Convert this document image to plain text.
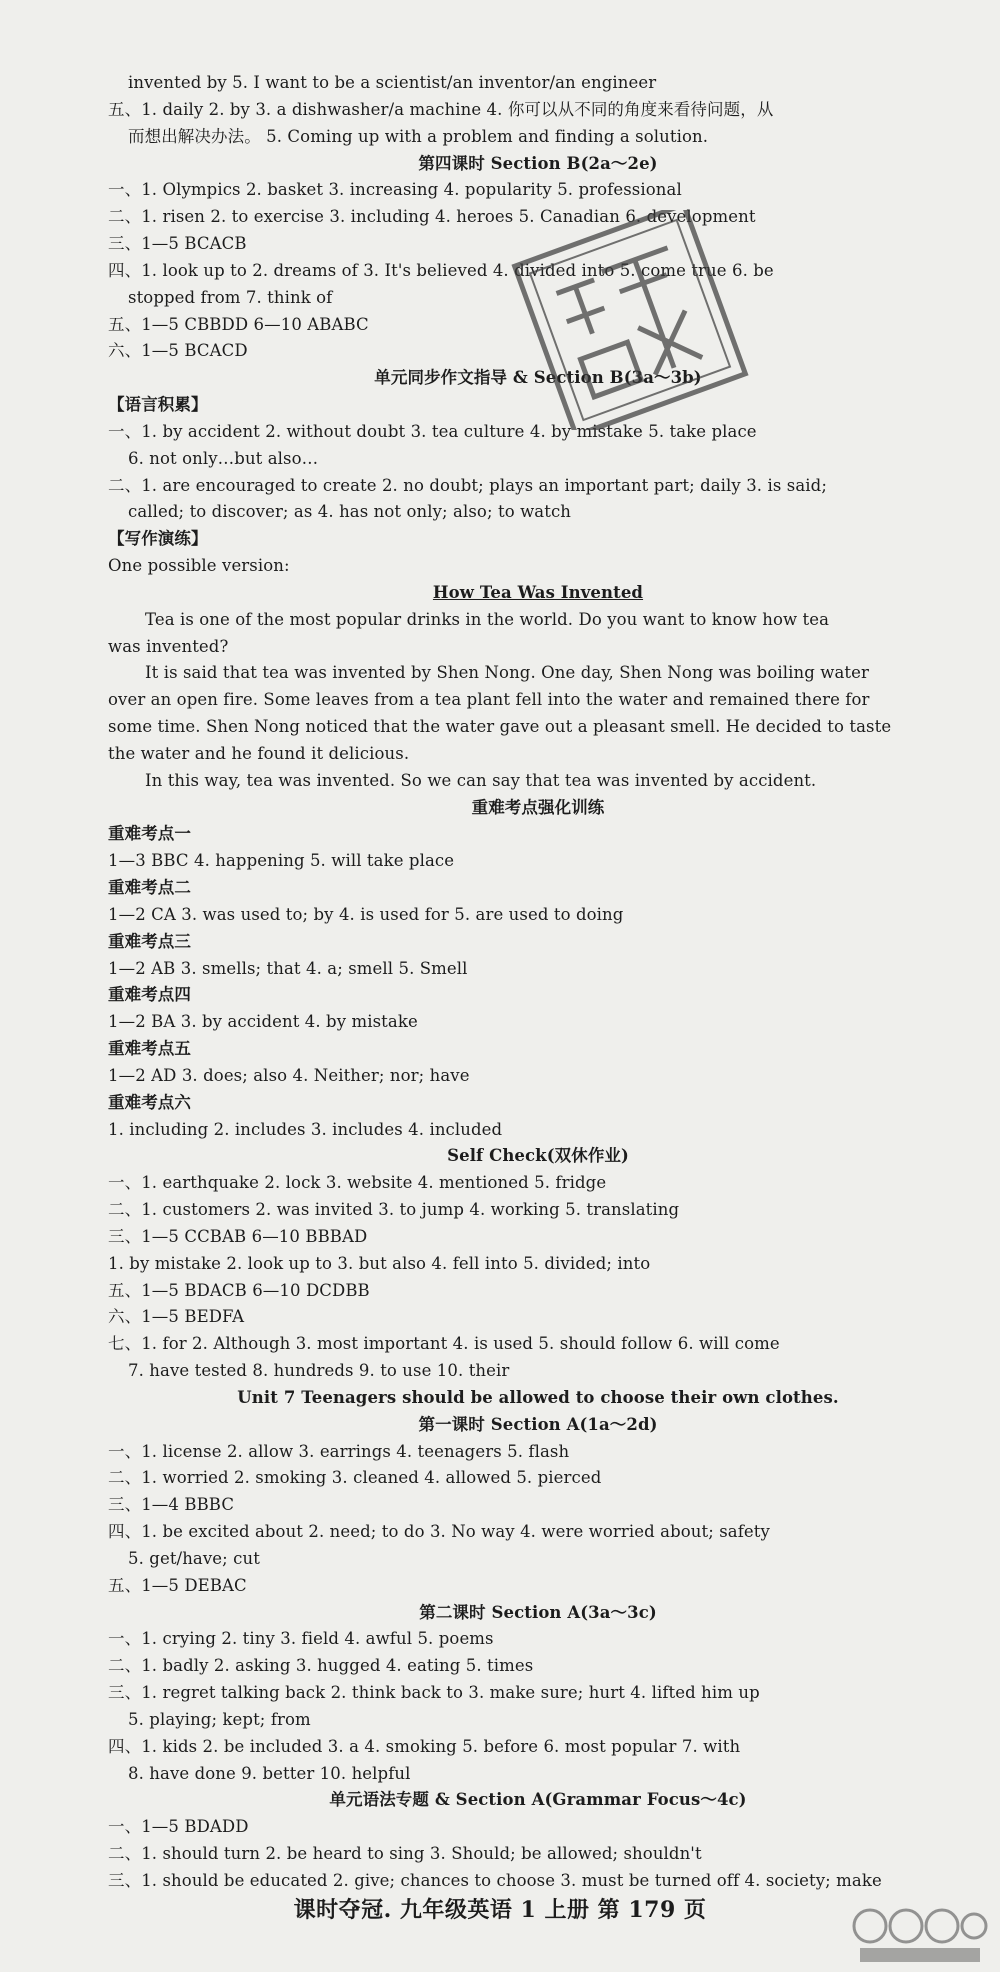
invented by 5. I want to be a scientist/an inventor/an engineer
五、1. daily 2. by 3. a dishwasher/a machine 4. 你可以从不同的角度来看待问题，从
而想出解决办法。 5. Coming up with a problem and finding a solution.
第四课时 Section B(2a～2e)
一、1. Olympics 2. basket 3. increasing 4. popularity 5. professional
二、1. risen 2. to exercise 3. including 4. heroes 5. Canadian 6. development
三、1—5 BCACB
四、1. look up to 2. dreams of 3. It's believed 4. divided into 5. come true 6. be
stopped from 7. think of
五、1—5 CBBDD 6—10 ABABC
六、1—5 BCACD
单元同步作文指导 & Section B(3a～3b)
【语言积累】
一、1. by accident 2. without doubt 3. tea culture 4. by mistake 5. take place
6. not only…but also…
二、1. are encouraged to create 2. no doubt; plays an important part; daily 3. is said;
called; to discover; as 4. has not only; also; to watch
【写作演练】
One possible version:
How Tea Was Invented
Tea is one of the most popular drinks in the world. Do you want to know how tea
was invented?
It is said that tea was invented by Shen Nong. One day, Shen Nong was boiling water
over an open fire. Some leaves from a tea plant fell into the water and remained there for
some time. Shen Nong noticed that the water gave out a pleasant smell. He decided to taste
the water and he found it delicious.
In this way, tea was invented. So we can say that tea was invented by accident.
重难考点强化训练
重难考点一
1—3 BBC 4. happening 5. will take place
重难考点二
1—2 CA 3. was used to; by 4. is used for 5. are used to doing
重难考点三
1—2 AB 3. smells; that 4. a; smell 5. Smell
重难考点四
1—2 BA 3. by accident 4. by mistake
重难考点五
1—2 AD 3. does; also 4. Neither; nor; have
重难考点六
1. including 2. includes 3. includes 4. included
Self Check(双休作业)
一、1. earthquake 2. lock 3. website 4. mentioned 5. fridge
二、1. customers 2. was invited 3. to jump 4. working 5. translating
三、1—5 CCBAB 6—10 BBBAD
1. by mistake 2. look up to 3. but also 4. fell into 5. divided; into
五、1—5 BDACB 6—10 DCDBB
六、1—5 BEDFA
七、1. for 2. Although 3. most important 4. is used 5. should follow 6. will come
7. have tested 8. hundreds 9. to use 10. their
Unit 7 Teenagers should be allowed to choose their own clothes.
第一课时 Section A(1a～2d)
一、1. license 2. allow 3. earrings 4. teenagers 5. flash
二、1. worried 2. smoking 3. cleaned 4. allowed 5. pierced
三、1—4 BBBC
四、1. be excited about 2. need; to do 3. No way 4. were worried about; safety
5. get/have; cut
五、1—5 DEBAC
第二课时 Section A(3a～3c)
一、1. crying 2. tiny 3. field 4. awful 5. poems
二、1. badly 2. asking 3. hugged 4. eating 5. times
三、1. regret talking back 2. think back to 3. make sure; hurt 4. lifted him up
5. playing; kept; from
四、1. kids 2. be included 3. a 4. smoking 5. before 6. most popular 7. with
8. have done 9. better 10. helpful
单元语法专题 & Section A(Grammar Focus～4c)
一、1—5 BDADD
二、1. should turn 2. be heard to sing 3. Should; be allowed; shouldn't
三、1. should be educated 2. give; chances to choose 3. must be turned off 4. society; make
课时夺冠. 九年级英语 1 上册 第 179 页
